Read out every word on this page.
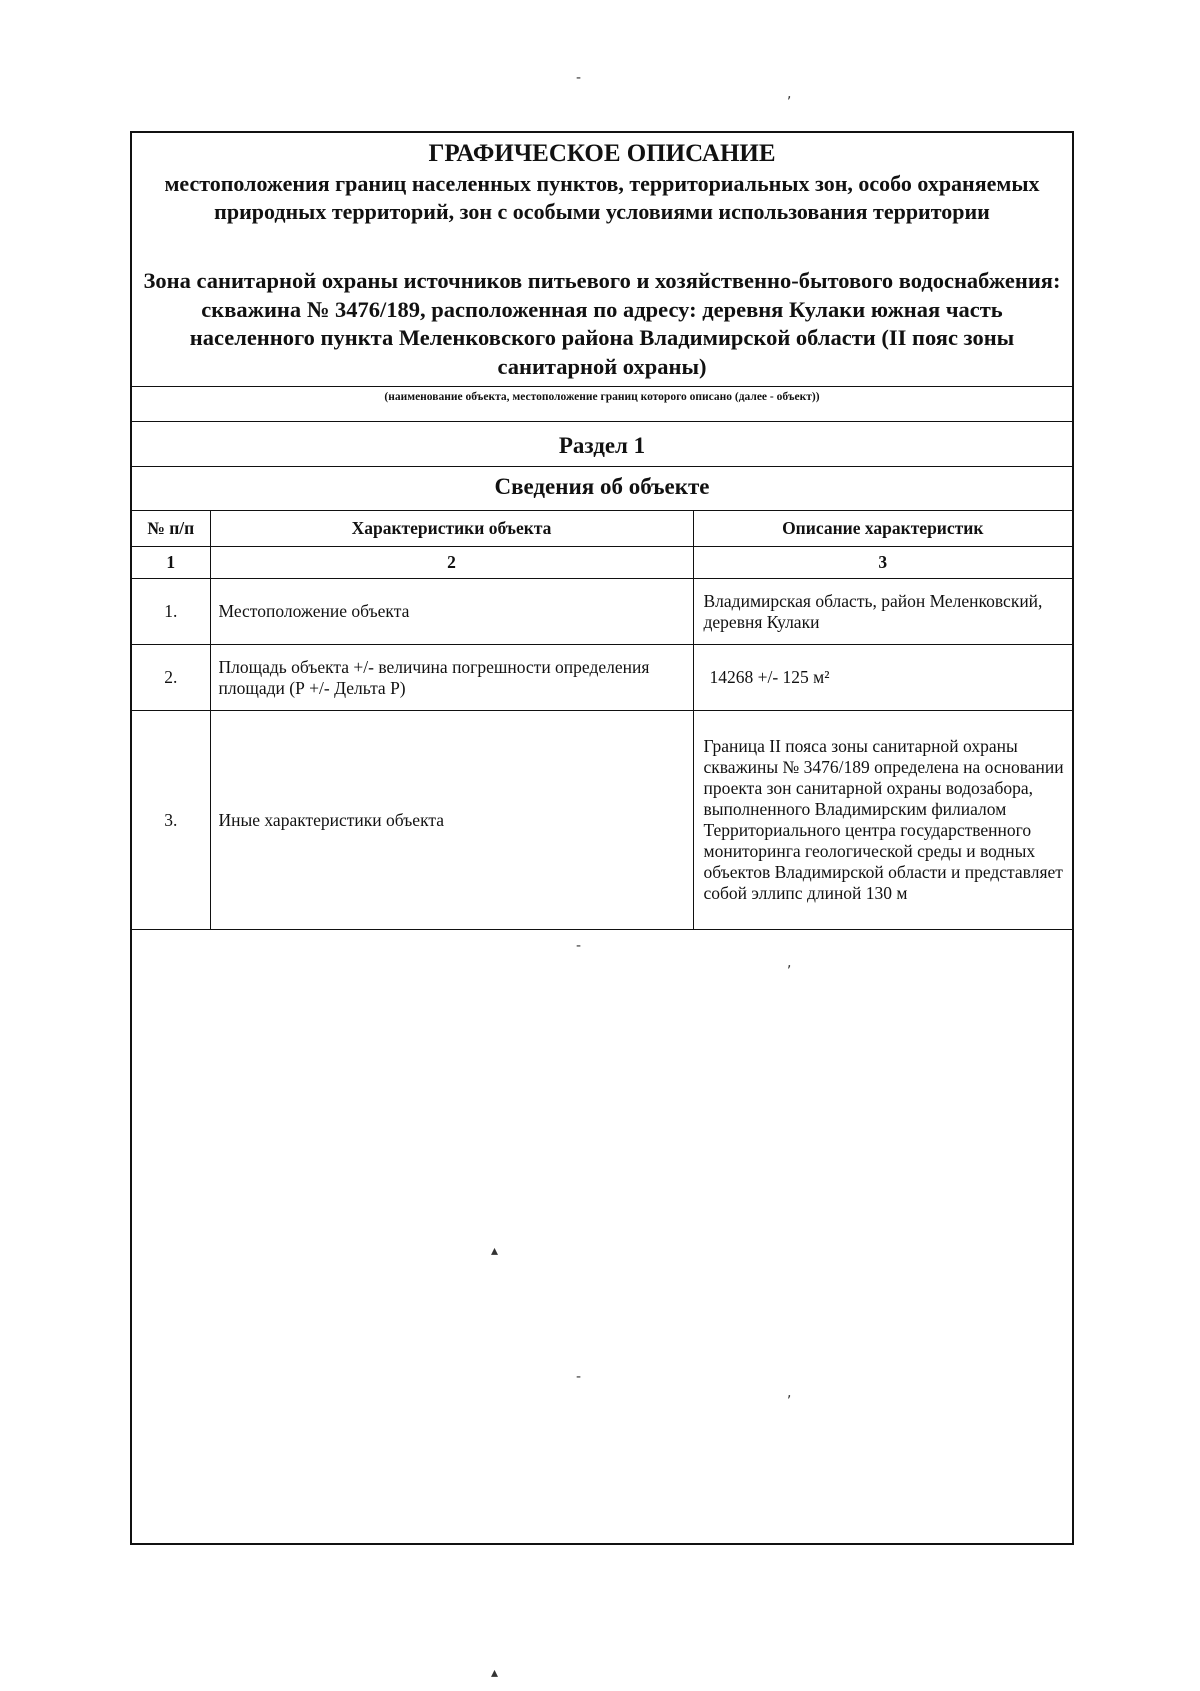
-
,
ГРАФИЧЕСКОЕ ОПИСАНИЕ
местоположения границ населенных пунктов, территориальных зон, особо охраняемых природных территорий, зон с особыми условиями использования территории
Зона санитарной охраны источников питьевого и хозяйственно-бытового водоснабжения: скважина № 3476/189, расположенная по адресу: деревня Кулаки южная часть населенного пункта Меленковского района Владимирской области (II пояс зоны санитарной охраны)
(наименование объекта, местоположение границ которого описано (далее - объект))
Раздел 1
Сведения об объекте
№ п/п	Характеристики объекта	Описание характеристик
1	2	3
1.	Местоположение объекта	Владимирская область, район Меленковский, деревня Кулаки
2.	Площадь объекта +/- величина погрешности определения площади (Р +/- Дельта Р)	14268 +/- 125 м²
3.	Иные характеристики объекта	Граница II пояса зоны санитарной охраны скважины № 3476/189 определена на основании проекта зон санитарной охраны водозабора, выполненного Владимирским филиалом Территориального центра государственного мониторинга геологической среды и водных объектов Владимирской области и представляет собой эллипс длиной 130 м
-
,
▴
-
,
▴
